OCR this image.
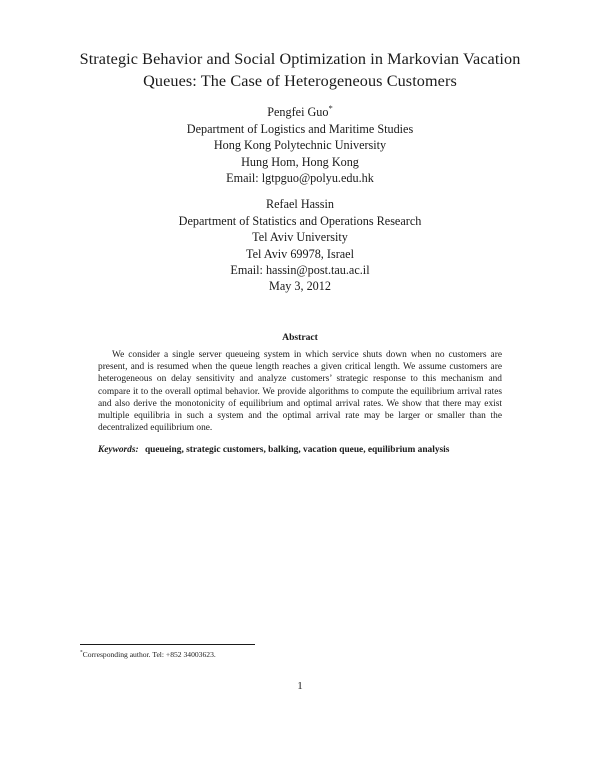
Strategic Behavior and Social Optimization in Markovian Vacation
Queues: The Case of Heterogeneous Customers
Pengfei Guo*
Department of Logistics and Maritime Studies
Hong Kong Polytechnic University
Hung Hom, Hong Kong
Email: lgtpguo@polyu.edu.hk
Refael Hassin
Department of Statistics and Operations Research
Tel Aviv University
Tel Aviv 69978, Israel
Email: hassin@post.tau.ac.il
May 3, 2012
Abstract
We consider a single server queueing system in which service shuts down when no customers are present, and is resumed when the queue length reaches a given critical length. We assume customers are heterogeneous on delay sensitivity and analyze customers’ strategic response to this mechanism and compare it to the overall optimal behavior. We provide algorithms to compute the equilibrium arrival rates and also derive the monotonicity of equilibrium and optimal arrival rates. We show that there may exist multiple equilibria in such a system and the optimal arrival rate may be larger or smaller than the decentralized equilibrium one.
Keywords: queueing, strategic customers, balking, vacation queue, equilibrium analysis
*Corresponding author. Tel: +852 34003623.
1
